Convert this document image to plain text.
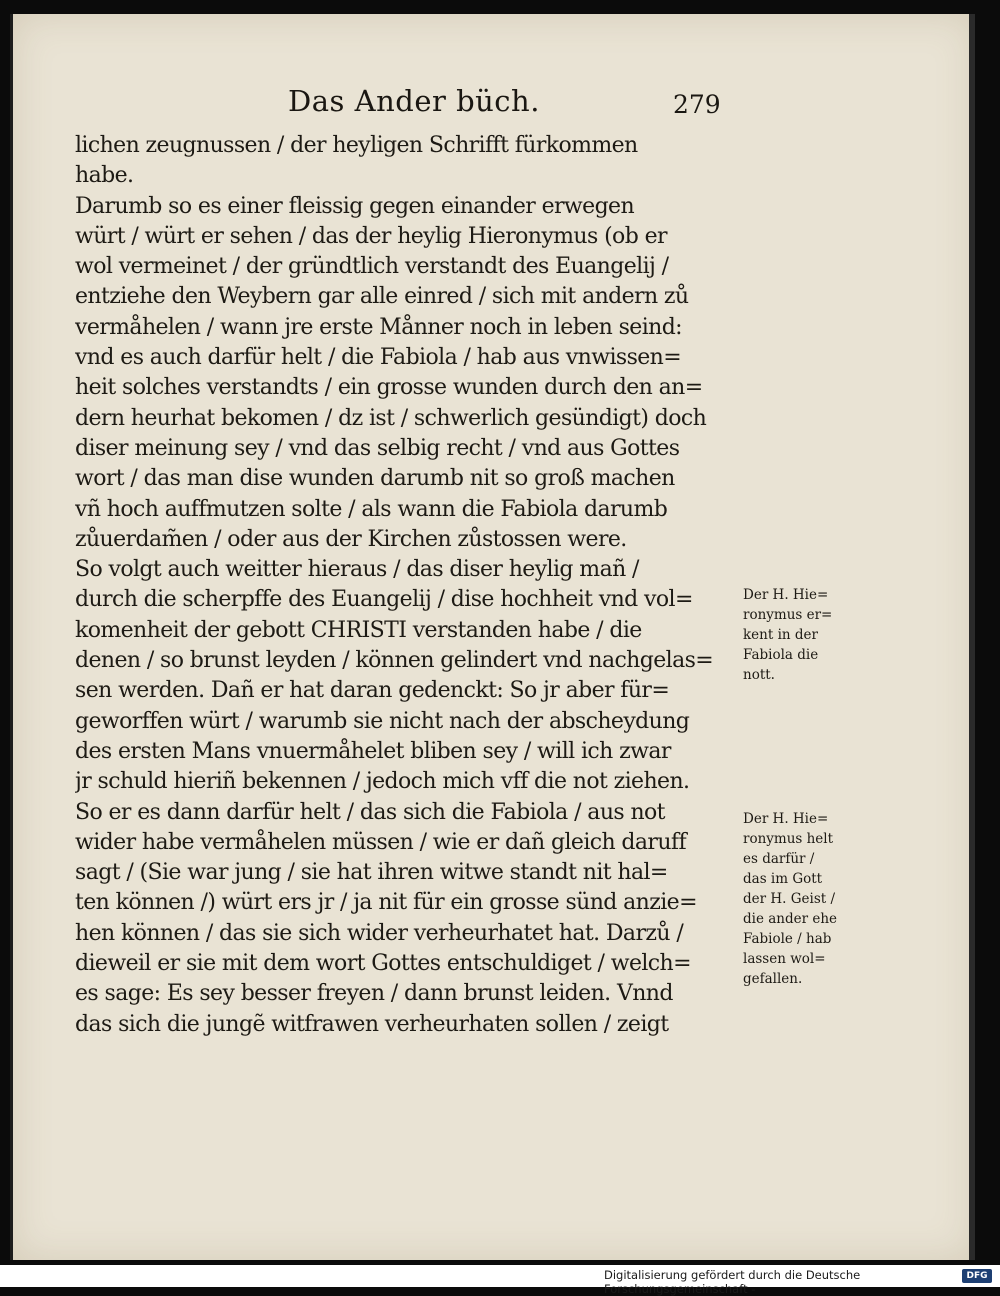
Das Ander büch.	279
lichen zeugnussen / der heyligen Schrifft fürkommen
habe.
Darumb so es einer fleissig gegen einander erwegen
würt / würt er sehen / das der heylig Hieronymus (ob er
wol vermeinet / der gründtlich verstandt des Euangelij /
entziehe den Weybern gar alle einred / sich mit andern zů
vermåhelen / wann jre erste Månner noch in leben seind:
vnd es auch darfür helt / die Fabiola / hab aus vnwissen=
heit solches verstandts / ein grosse wunden durch den an=
dern heurhat bekomen / dz ist / schwerlich gesündigt) doch
diser meinung sey / vnd das selbig recht / vnd aus Gottes
wort / das man dise wunden darumb nit so groß machen
vñ hoch auffmutzen solte / als wann die Fabiola darumb
zůuerdam̃en / oder aus der Kirchen zůstossen were.
So volgt auch weitter hieraus / das diser heylig mañ /
durch die scherpffe des Euangelij / dise hochheit vnd vol=
komenheit der gebott CHRISTI verstanden habe / die
denen / so brunst leyden / können gelindert vnd nachgelas=
sen werden. Dañ er hat daran gedenckt: So jr aber für=
geworffen würt / warumb sie nicht nach der abscheydung
des ersten Mans vnuermåhelet bliben sey / will ich zwar
jr schuld hieriñ bekennen / jedoch mich vff die not ziehen.
So er es dann darfür helt / das sich die Fabiola / aus not
wider habe vermåhelen müssen / wie er dañ gleich daruff
sagt / (Sie war jung / sie hat ihren witwe standt nit hal=
ten können /) würt ers jr / ja nit für ein grosse sünd anzie=
hen können / das sie sich wider verheurhatet hat. Darzů /
dieweil er sie mit dem wort Gottes entschuldiget / welch=
es sage: Es sey besser freyen / dann brunst leiden. Vnnd
das sich die jungẽ witfrawen verheurhaten sollen / zeigt
Der H. Hie=
ronymus er=
kent in der
Fabiola die
nott.
Der H. Hie=
ronymus helt
es darfür /
das im Gott
der H. Geist /
die ander ehe
Fabiole / hab
lassen wol=
gefallen.
Digitalisierung gefördert durch die Deutsche Forschungsgemeinschaft -
DFG
